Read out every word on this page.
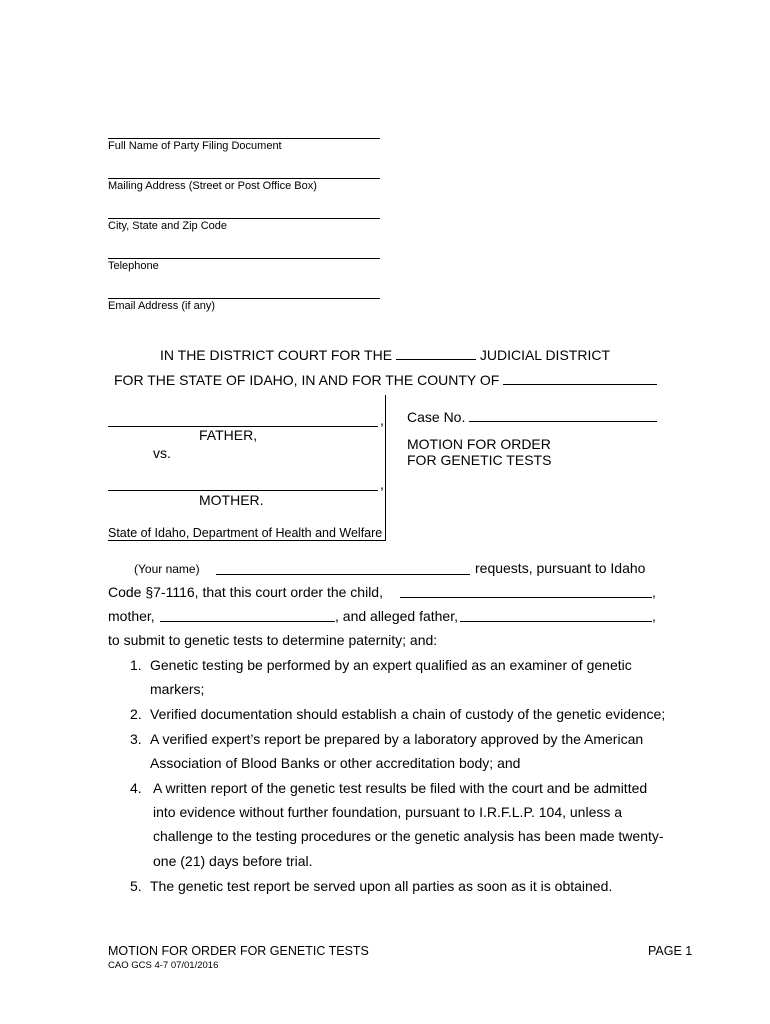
Full Name of Party Filing Document
Mailing Address (Street or Post Office Box)
City, State and Zip Code
Telephone
Email Address (if any)
IN THE DISTRICT COURT FOR THE	JUDICIAL DISTRICT
FOR THE STATE OF IDAHO, IN AND FOR THE COUNTY OF
,
FATHER,
vs.
,
MOTHER.
State of Idaho, Department of Health and Welfare
Case No.
MOTION FOR ORDER
FOR GENETIC TESTS
(Your name)	requests, pursuant to Idaho
Code §7-1116, that this court order the child,	,
mother,	, and alleged father,	,
to submit to genetic tests to determine paternity; and:
1. Genetic testing be performed by an expert qualified as an examiner of genetic
markers;
2. Verified documentation should establish a chain of custody of the genetic evidence;
3. A verified expert’s report be prepared by a laboratory approved by the American
Association of Blood Banks or other accreditation body; and
4. A written report of the genetic test results be filed with the court and be admitted
into evidence without further foundation, pursuant to I.R.F.L.P. 104, unless a
challenge to the testing procedures or the genetic analysis has been made twenty-
one (21) days before trial.
5. The genetic test report be served upon all parties as soon as it is obtained.
MOTION FOR ORDER FOR GENETIC TESTS
CAO GCS 4-7 07/01/2016
PAGE 1
